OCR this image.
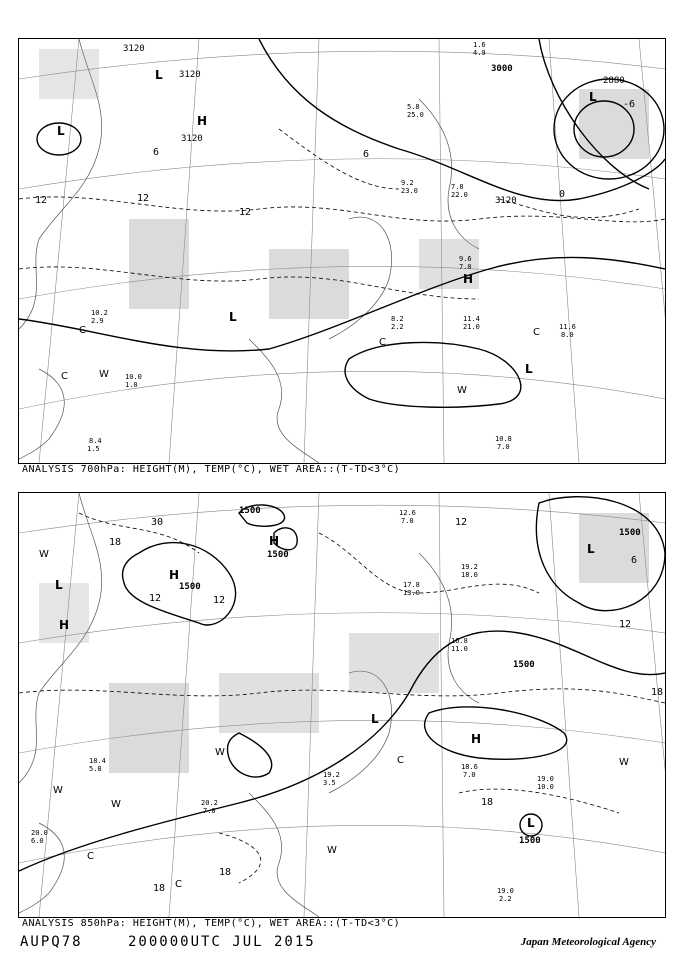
3120
3120
3120
3000
2880
3120
12	12
6	6
0
-6
12
L
L
L
L
L
H
H
C
C
C
C
W
W
11.4
21.0	11.6
8.0
10.8
7.0
8.4
1.5
9.6
7.0
7.8
22.0
9.2
23.0
5.8
25.0
1.6
4.9
8.2
2.2
10.2
2.9
10.0
1.0
ANALYSIS 700hPa: HEIGHT(M), TEMP(°C), WET AREA::(T-TD<3°C)
1500
1500
1500
1500
1500
1500
30
18
12	12
12
18
12
18
18
18
6
H
H
H
L
L
L
L
H
W
W
W
W
W
W
C
C
C
19.0
2.2
19.0
10.0
18.6
7.0
19.2
3.5
20.2
7.0
20.0
6.0
18.4
5.8
16.8
11.0
17.8
13.0
12.6
7.0
19.2
18.0
ANALYSIS 850hPa: HEIGHT(M), TEMP(°C), WET AREA::(T-TD<3°C)
AUPQ78	200000UTC JUL 2015	Japan Meteorological Agency
